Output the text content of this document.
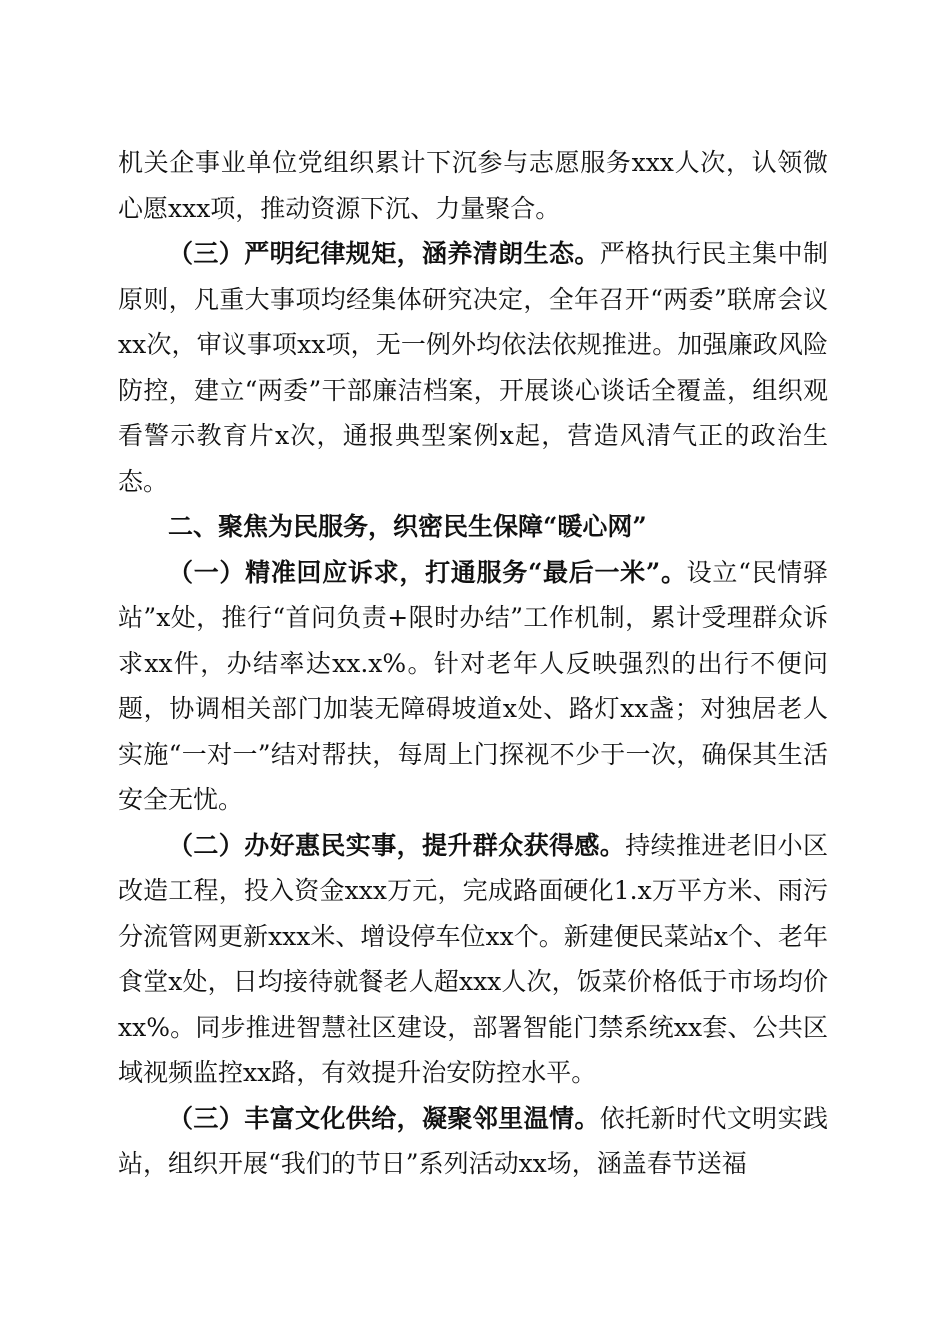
机关企事业单位党组织累计下沉参与志愿服务xxx人次，认领微心愿xxx项，推动资源下沉、力量聚合。

（三）严明纪律规矩，涵养清朗生态。严格执行民主集中制原则，凡重大事项均经集体研究决定，全年召开“两委”联席会议xx次，审议事项xx项，无一例外均依法依规推进。加强廉政风险防控，建立“两委”干部廉洁档案，开展谈心谈话全覆盖，组织观看警示教育片x次，通报典型案例x起，营造风清气正的政治生态。

二、聚焦为民服务，织密民生保障“暖心网”

（一）精准回应诉求，打通服务“最后一米”。设立“民情驿站”x处，推行“首问负责+限时办结”工作机制，累计受理群众诉求xx件，办结率达xx.x%。针对老年人反映强烈的出行不便问题，协调相关部门加装无障碍坡道x处、路灯xx盏；对独居老人实施“一对一”结对帮扶，每周上门探视不少于一次，确保其生活安全无忧。

（二）办好惠民实事，提升群众获得感。持续推进老旧小区改造工程，投入资金xxx万元，完成路面硬化1.x万平方米、雨污分流管网更新xxx米、增设停车位xx个。新建便民菜站x个、老年食堂x处，日均接待就餐老人超xxx人次，饭菜价格低于市场均价xx%。同步推进智慧社区建设，部署智能门禁系统xx套、公共区域视频监控xx路，有效提升治安防控水平。

（三）丰富文化供给，凝聚邻里温情。依托新时代文明实践站，组织开展“我们的节日”系列活动xx场，涵盖春节送福
